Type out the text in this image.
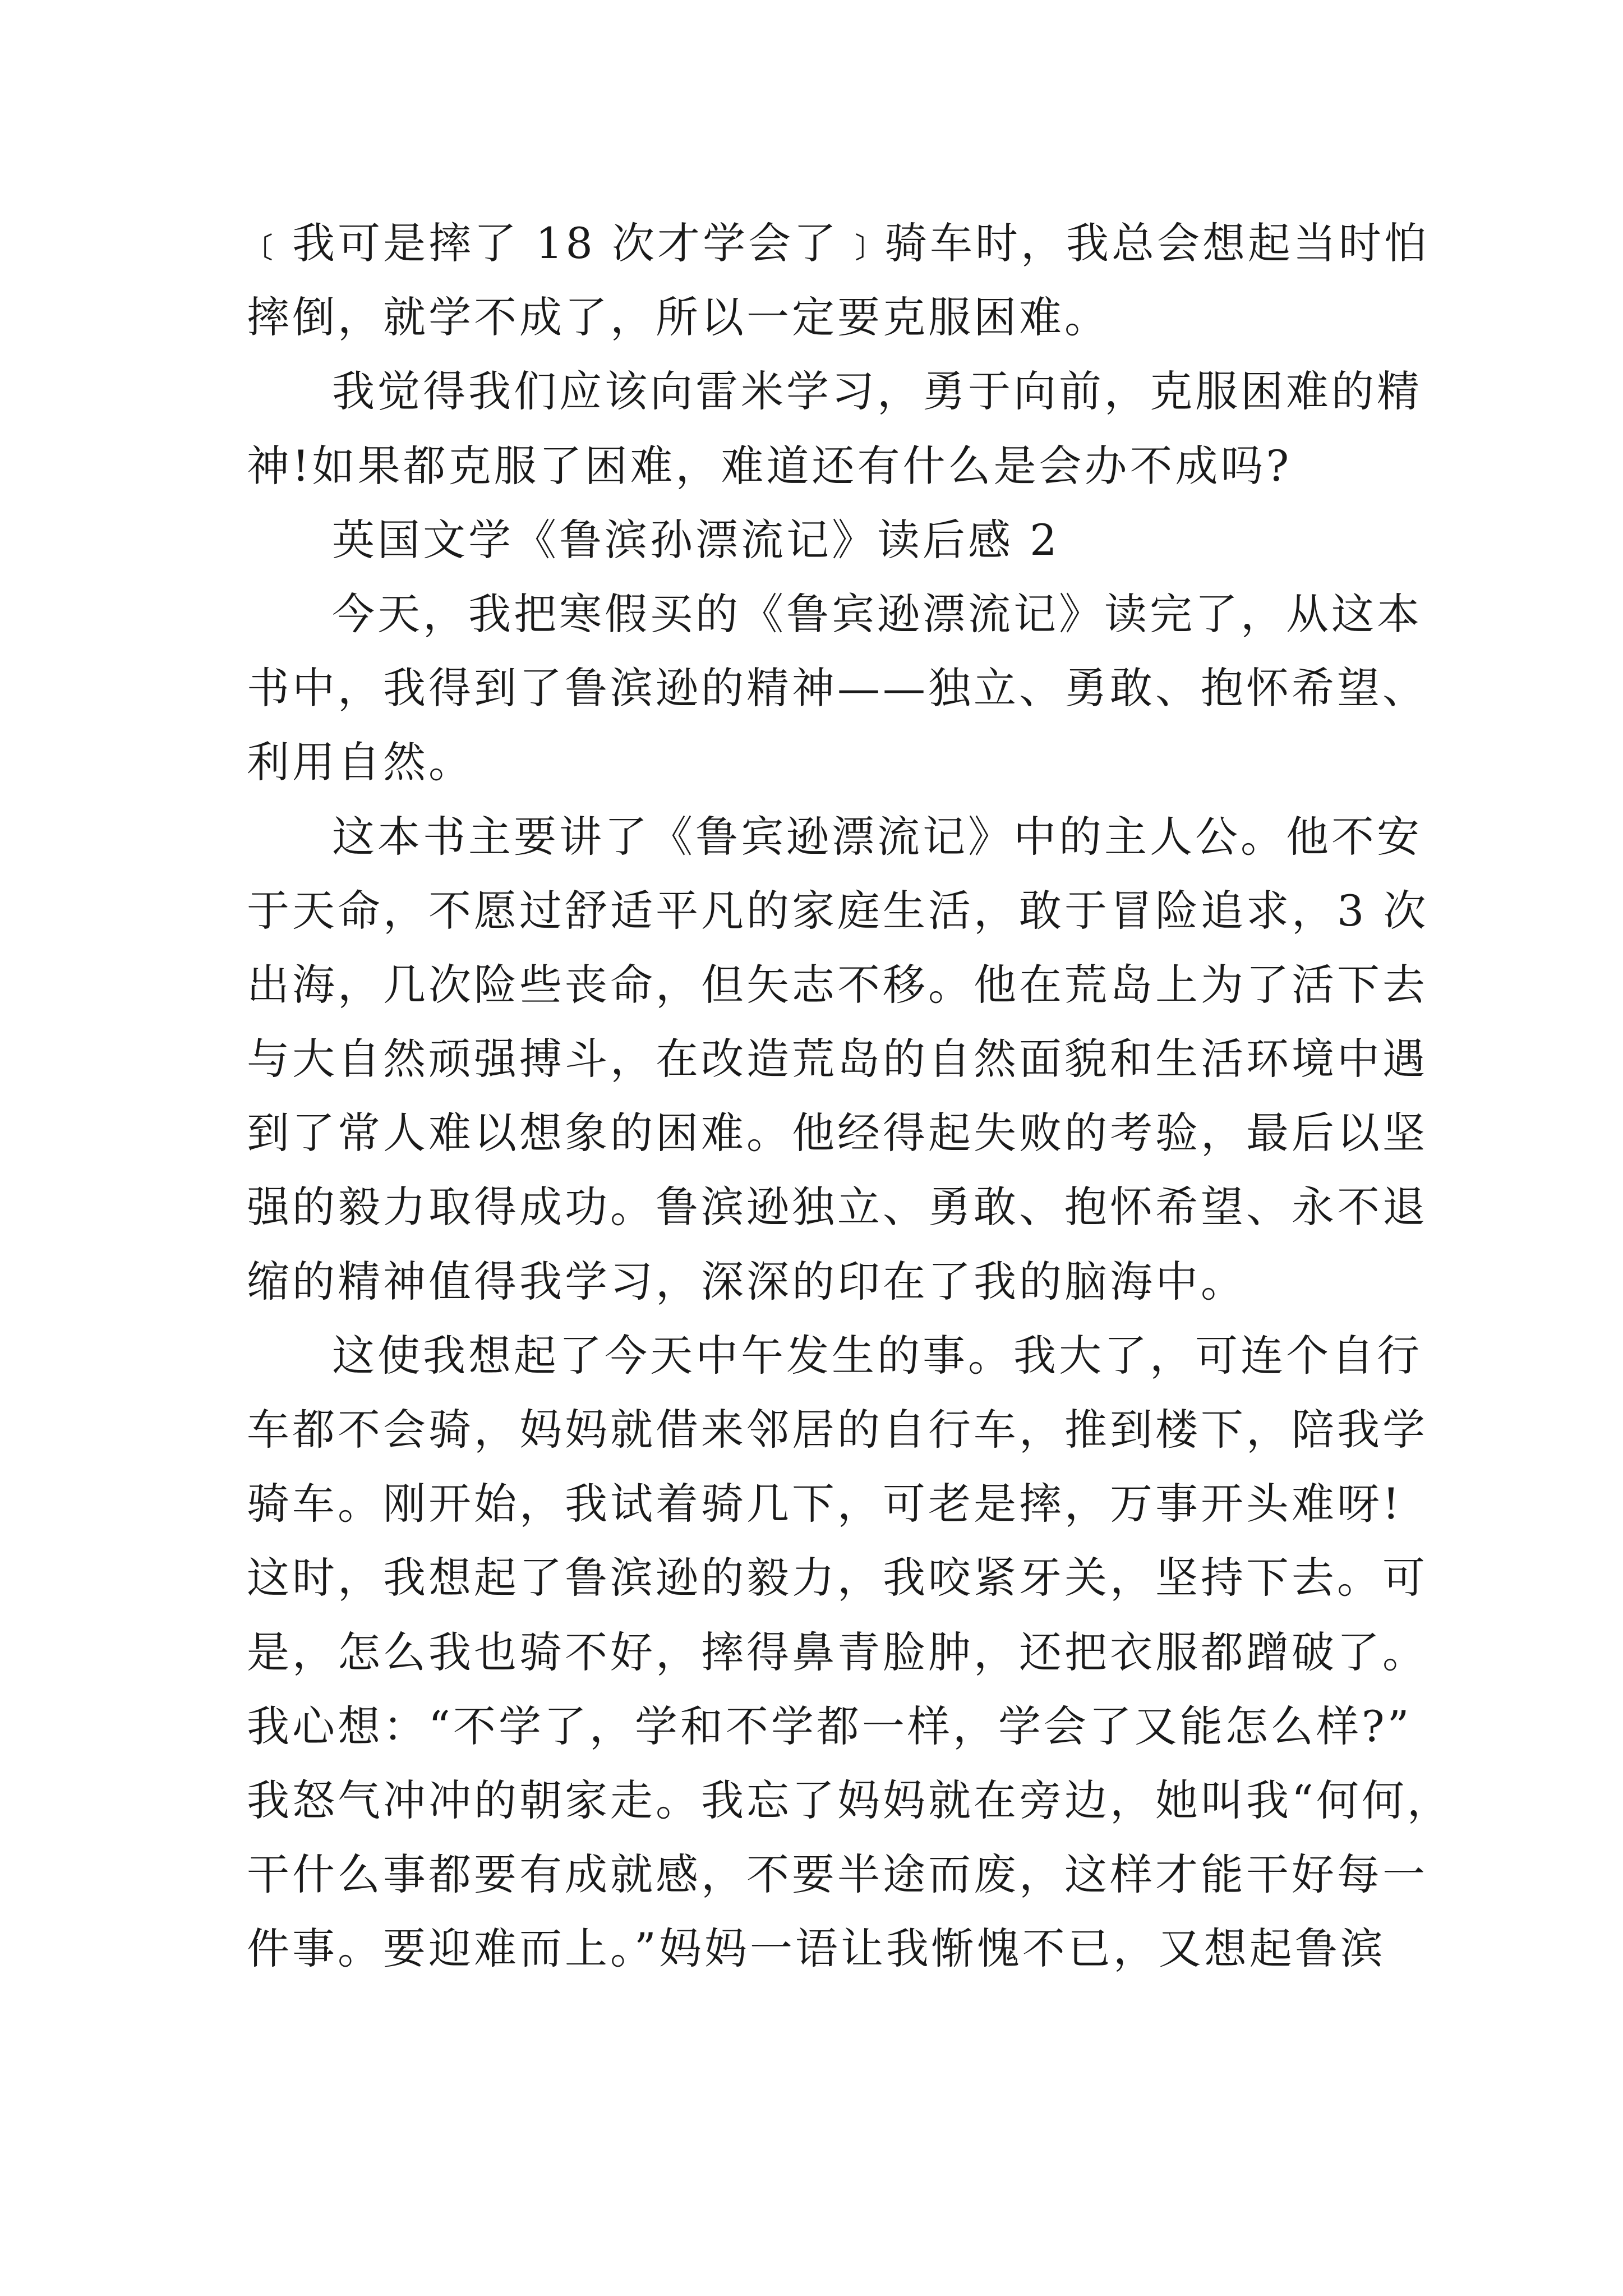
﹝我可是摔了 18 次才学会了﹞骑车时，我总会想起当时怕
摔倒，就学不成了，所以一定要克服困难。
我觉得我们应该向雷米学习，勇于向前，克服困难的精
神!如果都克服了困难，难道还有什么是会办不成吗?
英国文学《鲁滨孙漂流记》读后感 2
今天，我把寒假买的《鲁宾逊漂流记》读完了，从这本
书中，我得到了鲁滨逊的精神——独立、勇敢、抱怀希望、
利用自然。
这本书主要讲了《鲁宾逊漂流记》中的主人公。他不安
于天命，不愿过舒适平凡的家庭生活，敢于冒险追求，3 次
出海，几次险些丧命，但矢志不移。他在荒岛上为了活下去
与大自然顽强搏斗，在改造荒岛的自然面貌和生活环境中遇
到了常人难以想象的困难。他经得起失败的考验，最后以坚
强的毅力取得成功。鲁滨逊独立、勇敢、抱怀希望、永不退
缩的精神值得我学习，深深的印在了我的脑海中。
这使我想起了今天中午发生的事。我大了，可连个自行
车都不会骑，妈妈就借来邻居的自行车，推到楼下，陪我学
骑车。刚开始，我试着骑几下，可老是摔，万事开头难呀!
这时，我想起了鲁滨逊的毅力，我咬紧牙关，坚持下去。可
是，怎么我也骑不好，摔得鼻青脸肿，还把衣服都蹭破了。
我心想：“不学了，学和不学都一样，学会了又能怎么样?”
我怒气冲冲的朝家走。我忘了妈妈就在旁边，她叫我“何何，
干什么事都要有成就感，不要半途而废，这样才能干好每一
件事。要迎难而上。”妈妈一语让我惭愧不已，又想起鲁滨
